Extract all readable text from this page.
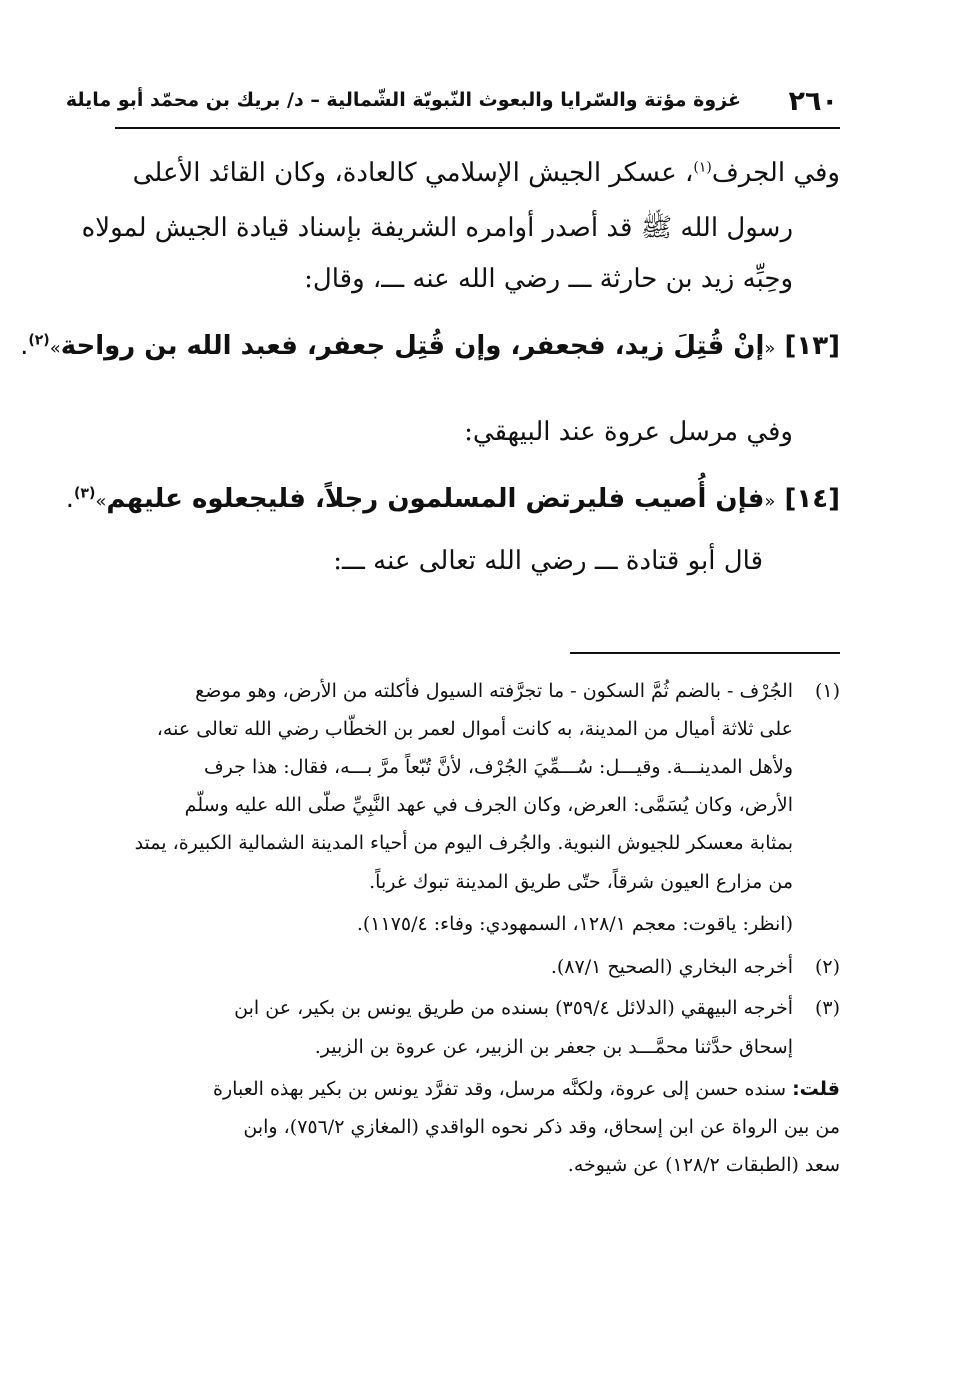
٢٦٠
غزوة مؤتة والسّرايا والبعوث النّبويّة الشّمالية – د/ بريك بن محمّد أبو مايلة
وفي الجرف$^{(١)}$، عسكر الجيش الإسلامي كالعادة، وكان القائد الأعلى
رسول الله ﷺ قد أصدر أوامره الشريفة بإسناد قيادة الجيش لمولاه
وحِبِّه زيد بن حارثة ـــ رضي الله عنه ـــ، وقال:
[١٣] «إنْ قُتِلَ زيد، فجعفر، وإن قُتِل جعفر، فعبد الله بن رواحة»$^{(٢)}$.
وفي مرسل عروة عند البيهقي:
[١٤] «فإن أُصيب فليرتض المسلمون رجلاً، فليجعلوه عليهم»$^{(٣)}$.
قال أبو قتادة ـــ رضي الله تعالى عنه ـــ:
(١)
الجُرْف - بالضم ثُمَّ السكون - ما تجرَّفته السيول فأكلته من الأرض، وهو موضع
على ثلاثة أميال من المدينة، به كانت أموال لعمر بن الخطّاب رضي الله تعالى عنه،
ولأهل المدينـــة. وقيـــل: سُـــمِّيَ الجُرْف، لأنَّ تُبّعاً مرَّ بـــه، فقال: هذا جرف
الأرض، وكان يُسَمَّى: العرض، وكان الجرف في عهد النَّبِيِّ صلّى الله عليه وسلّم
بمثابة معسكر للجيوش النبوية. والجُرف اليوم من أحياء المدينة الشمالية الكبيرة، يمتد
من مزارع العيون شرقاً، حتّى طريق المدينة تبوك غرباً.
(انظر: ياقوت: معجم ١٢٨/١، السمهودي: وفاء: ١١٧٥/٤).
(٢)
أخرجه البخاري (الصحيح ٨٧/١).
(٣)
أخرجه البيهقي (الدلائل ٣٥٩/٤) بسنده من طريق يونس بن بكير، عن ابن
إسحاق حدَّثنا محمَّـــد بن جعفر بن الزبير، عن عروة بن الزبير.
قلت: سنده حسن إلى عروة، ولكنَّه مرسل، وقد تفرَّد يونس بن بكير بهذه العبارة
من بين الرواة عن ابن إسحاق، وقد ذكر نحوه الواقدي (المغازي ٧٥٦/٢)، وابن
سعد (الطبقات ١٢٨/٢) عن شيوخه.
